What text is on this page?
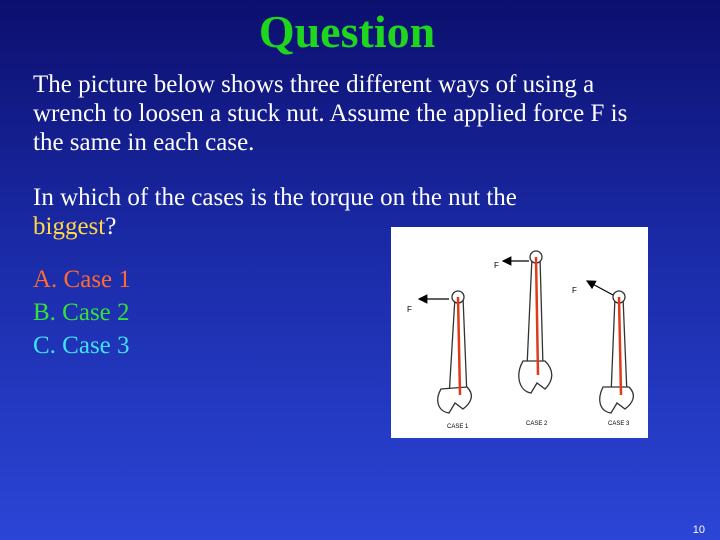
Question

The picture below shows three different ways of using a wrench to loosen a stuck nut. Assume the applied force F is the same in each case.

In which of the cases is the torque on the nut the biggest?

A. Case 1
B. Case 2
C. Case 3
F
F
F
CASE 1	CASE 2	CASE 3
10
